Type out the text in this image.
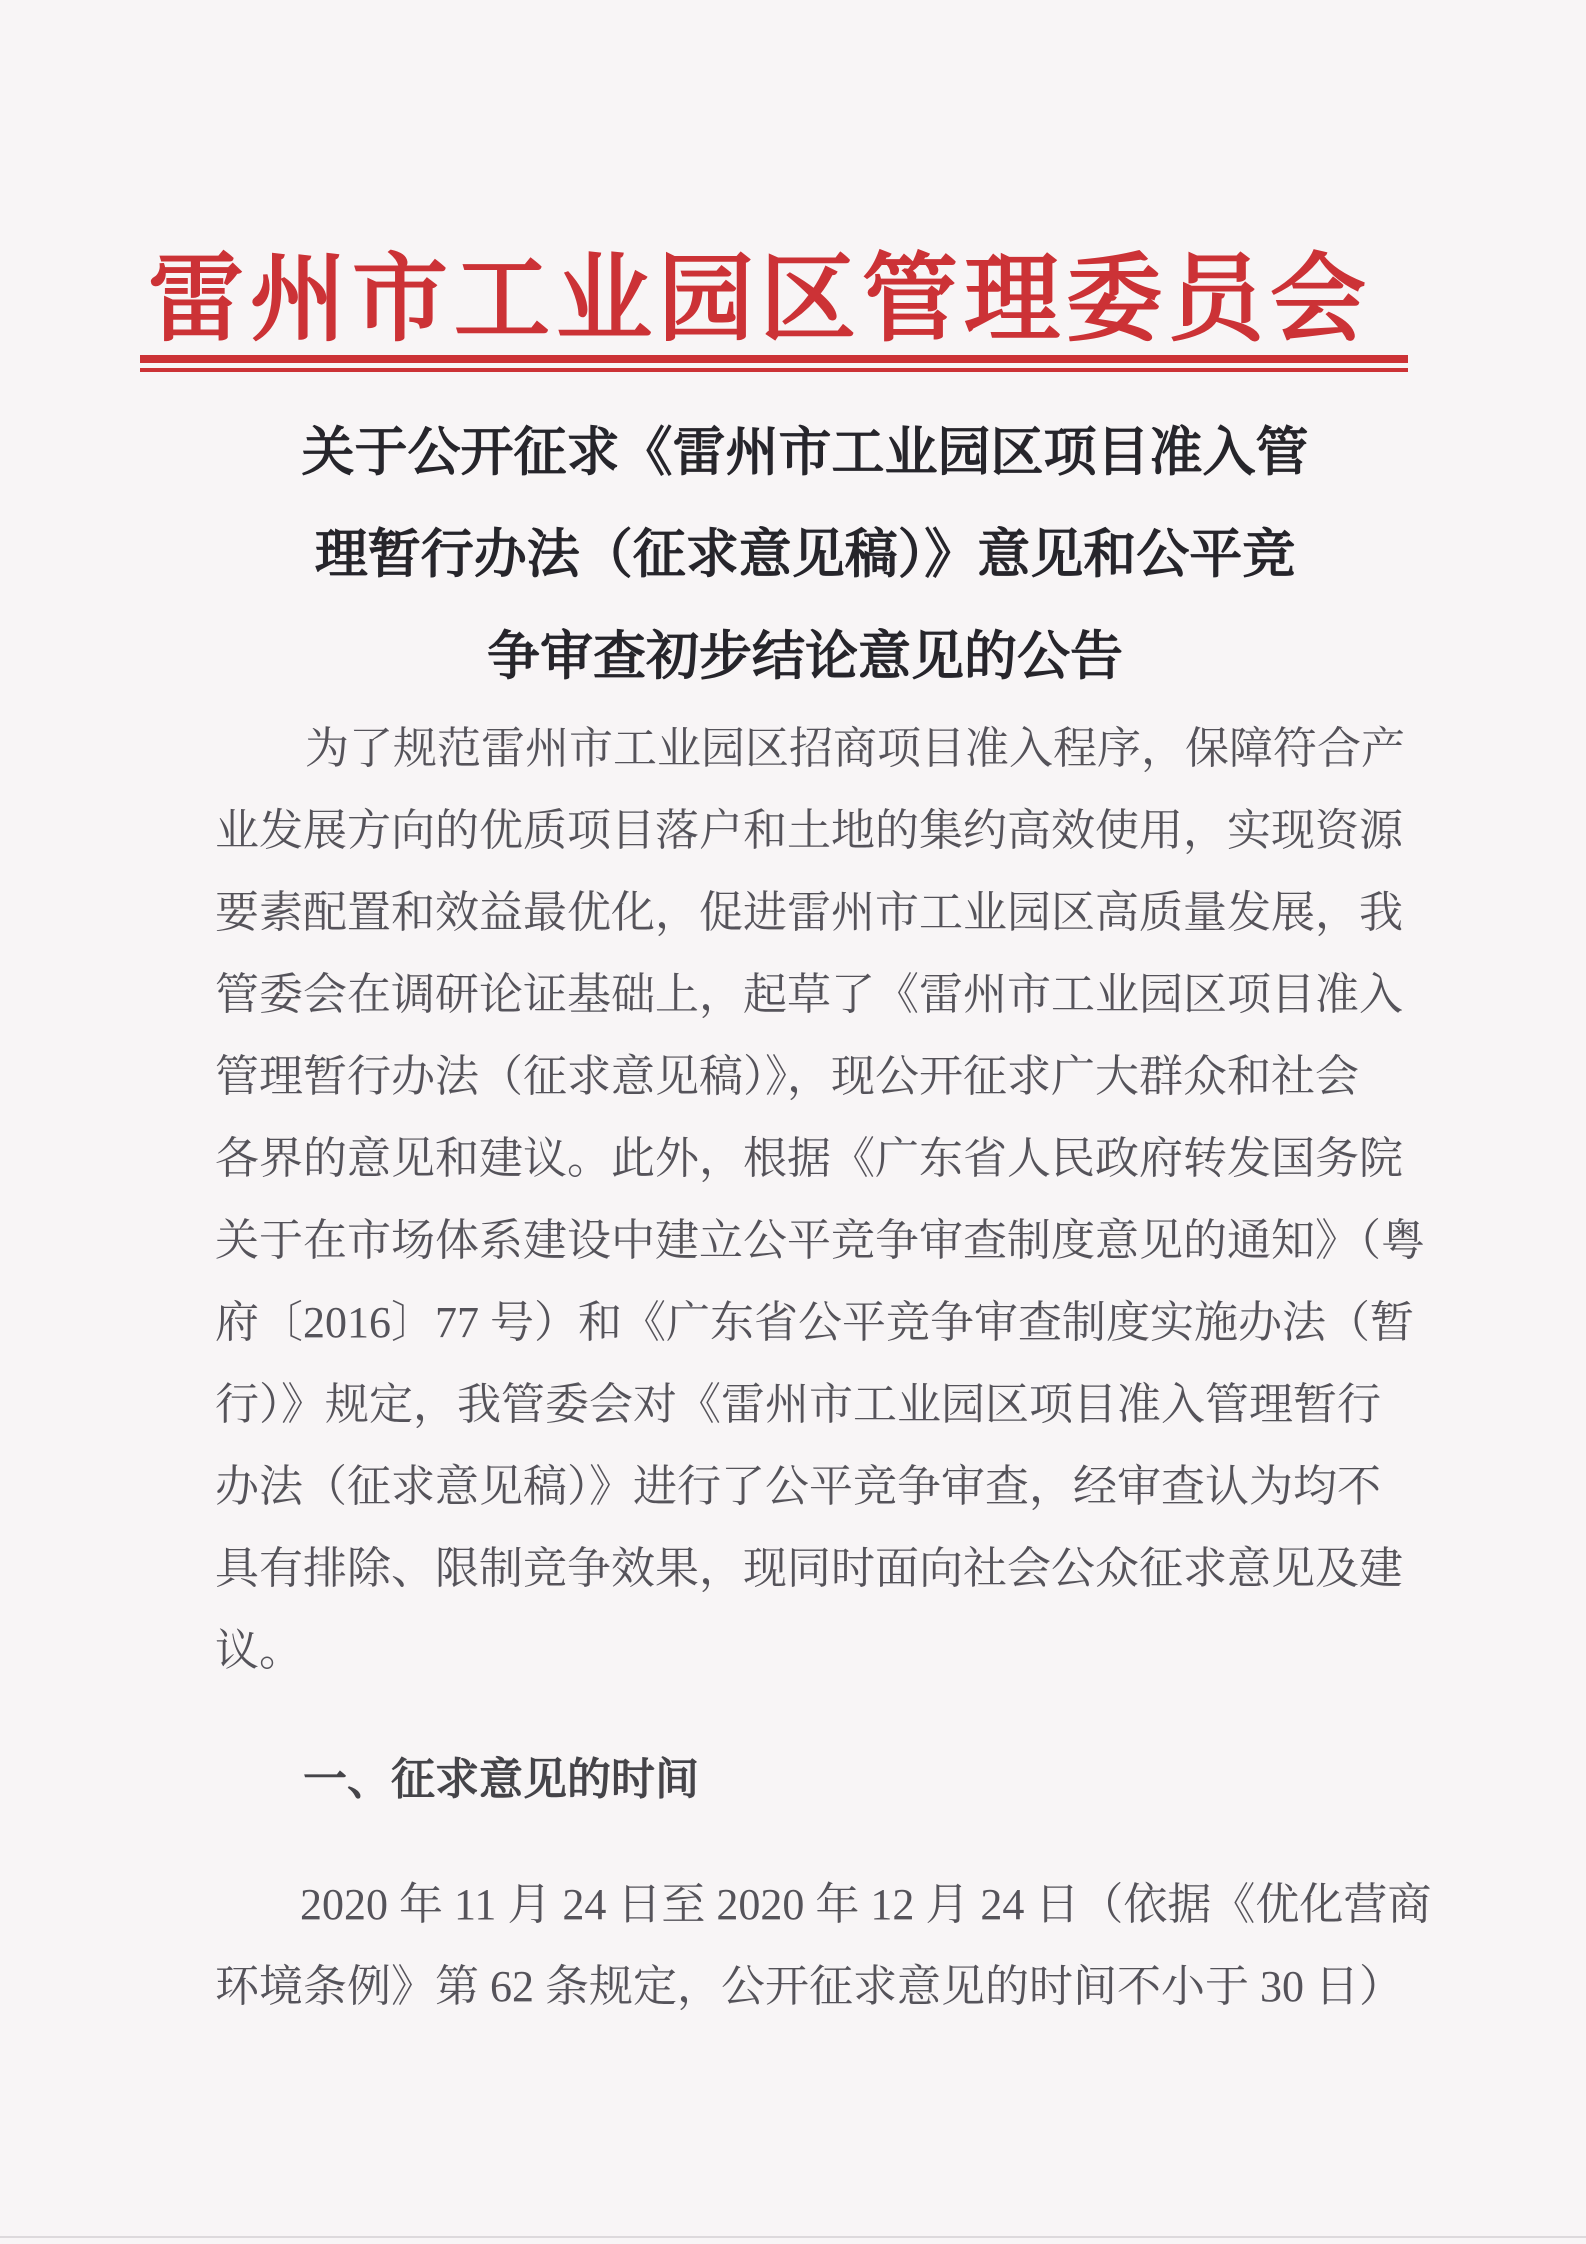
雷州市工业园区管理委员会
关于公开征求《雷州市工业园区项目准入管
理暂行办法（征求意见稿）》意见和公平竞
争审查初步结论意见的公告
为了规范雷州市工业园区招商项目准入程序，保障符合产
业发展方向的优质项目落户和土地的集约高效使用，实现资源
要素配置和效益最优化，促进雷州市工业园区高质量发展，我
管委会在调研论证基础上，起草了《雷州市工业园区项目准入
管理暂行办法（征求意见稿）》，现公开征求广大群众和社会
各界的意见和建议。此外，根据《广东省人民政府转发国务院
关于在市场体系建设中建立公平竞争审查制度意见的通知》（粤
府〔2016〕77 号）和《广东省公平竞争审查制度实施办法（暂
行）》规定，我管委会对《雷州市工业园区项目准入管理暂行
办法（征求意见稿）》进行了公平竞争审查，经审查认为均不
具有排除、限制竞争效果，现同时面向社会公众征求意见及建
议。
一、征求意见的时间
2020 年 11 月 24 日至 2020 年 12 月 24 日（依据《优化营商
环境条例》第 62 条规定，公开征求意见的时间不小于 30 日）
